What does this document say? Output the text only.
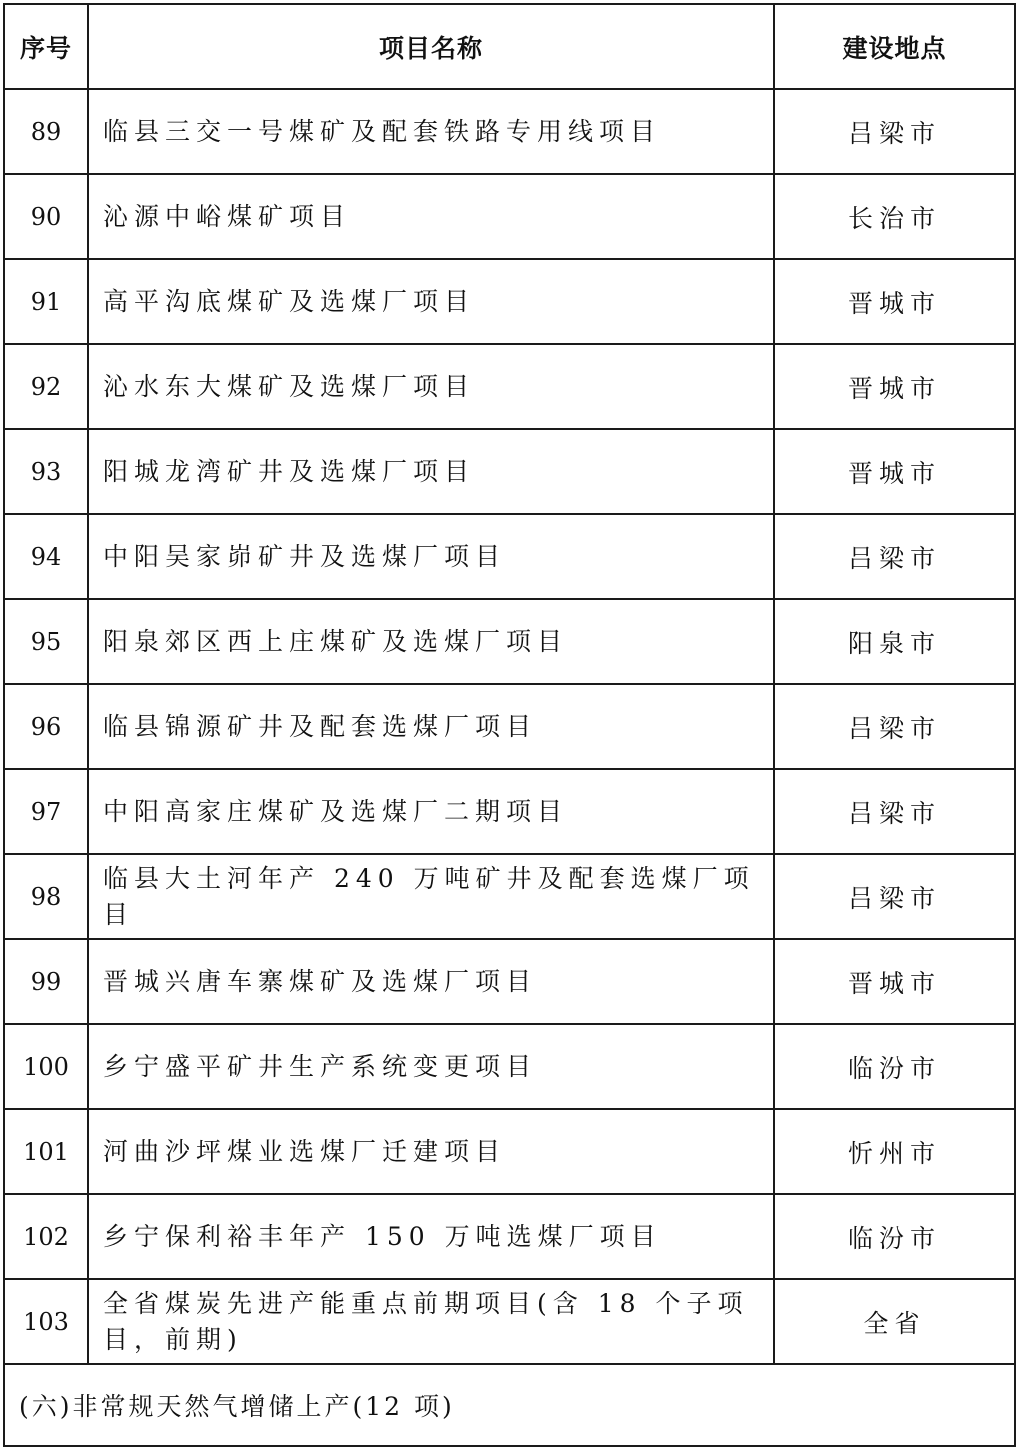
序号	项目名称	建设地点
89	临县三交一号煤矿及配套铁路专用线项目	吕梁市
90	沁源中峪煤矿项目	长治市
91	高平沟底煤矿及选煤厂项目	晋城市
92	沁水东大煤矿及选煤厂项目	晋城市
93	阳城龙湾矿井及选煤厂项目	晋城市
94	中阳吴家峁矿井及选煤厂项目	吕梁市
95	阳泉郊区西上庄煤矿及选煤厂项目	阳泉市
96	临县锦源矿井及配套选煤厂项目	吕梁市
97	中阳高家庄煤矿及选煤厂二期项目	吕梁市
98	临县大土河年产 240 万吨矿井及配套选煤厂项目	吕梁市
99	晋城兴唐车寨煤矿及选煤厂项目	晋城市
100	乡宁盛平矿井生产系统变更项目	临汾市
101	河曲沙坪煤业选煤厂迁建项目	忻州市
102	乡宁保利裕丰年产 150 万吨选煤厂项目	临汾市
103	全省煤炭先进产能重点前期项目(含 18 个子项目，前期)	全省
(六)非常规天然气增储上产(12 项)		
